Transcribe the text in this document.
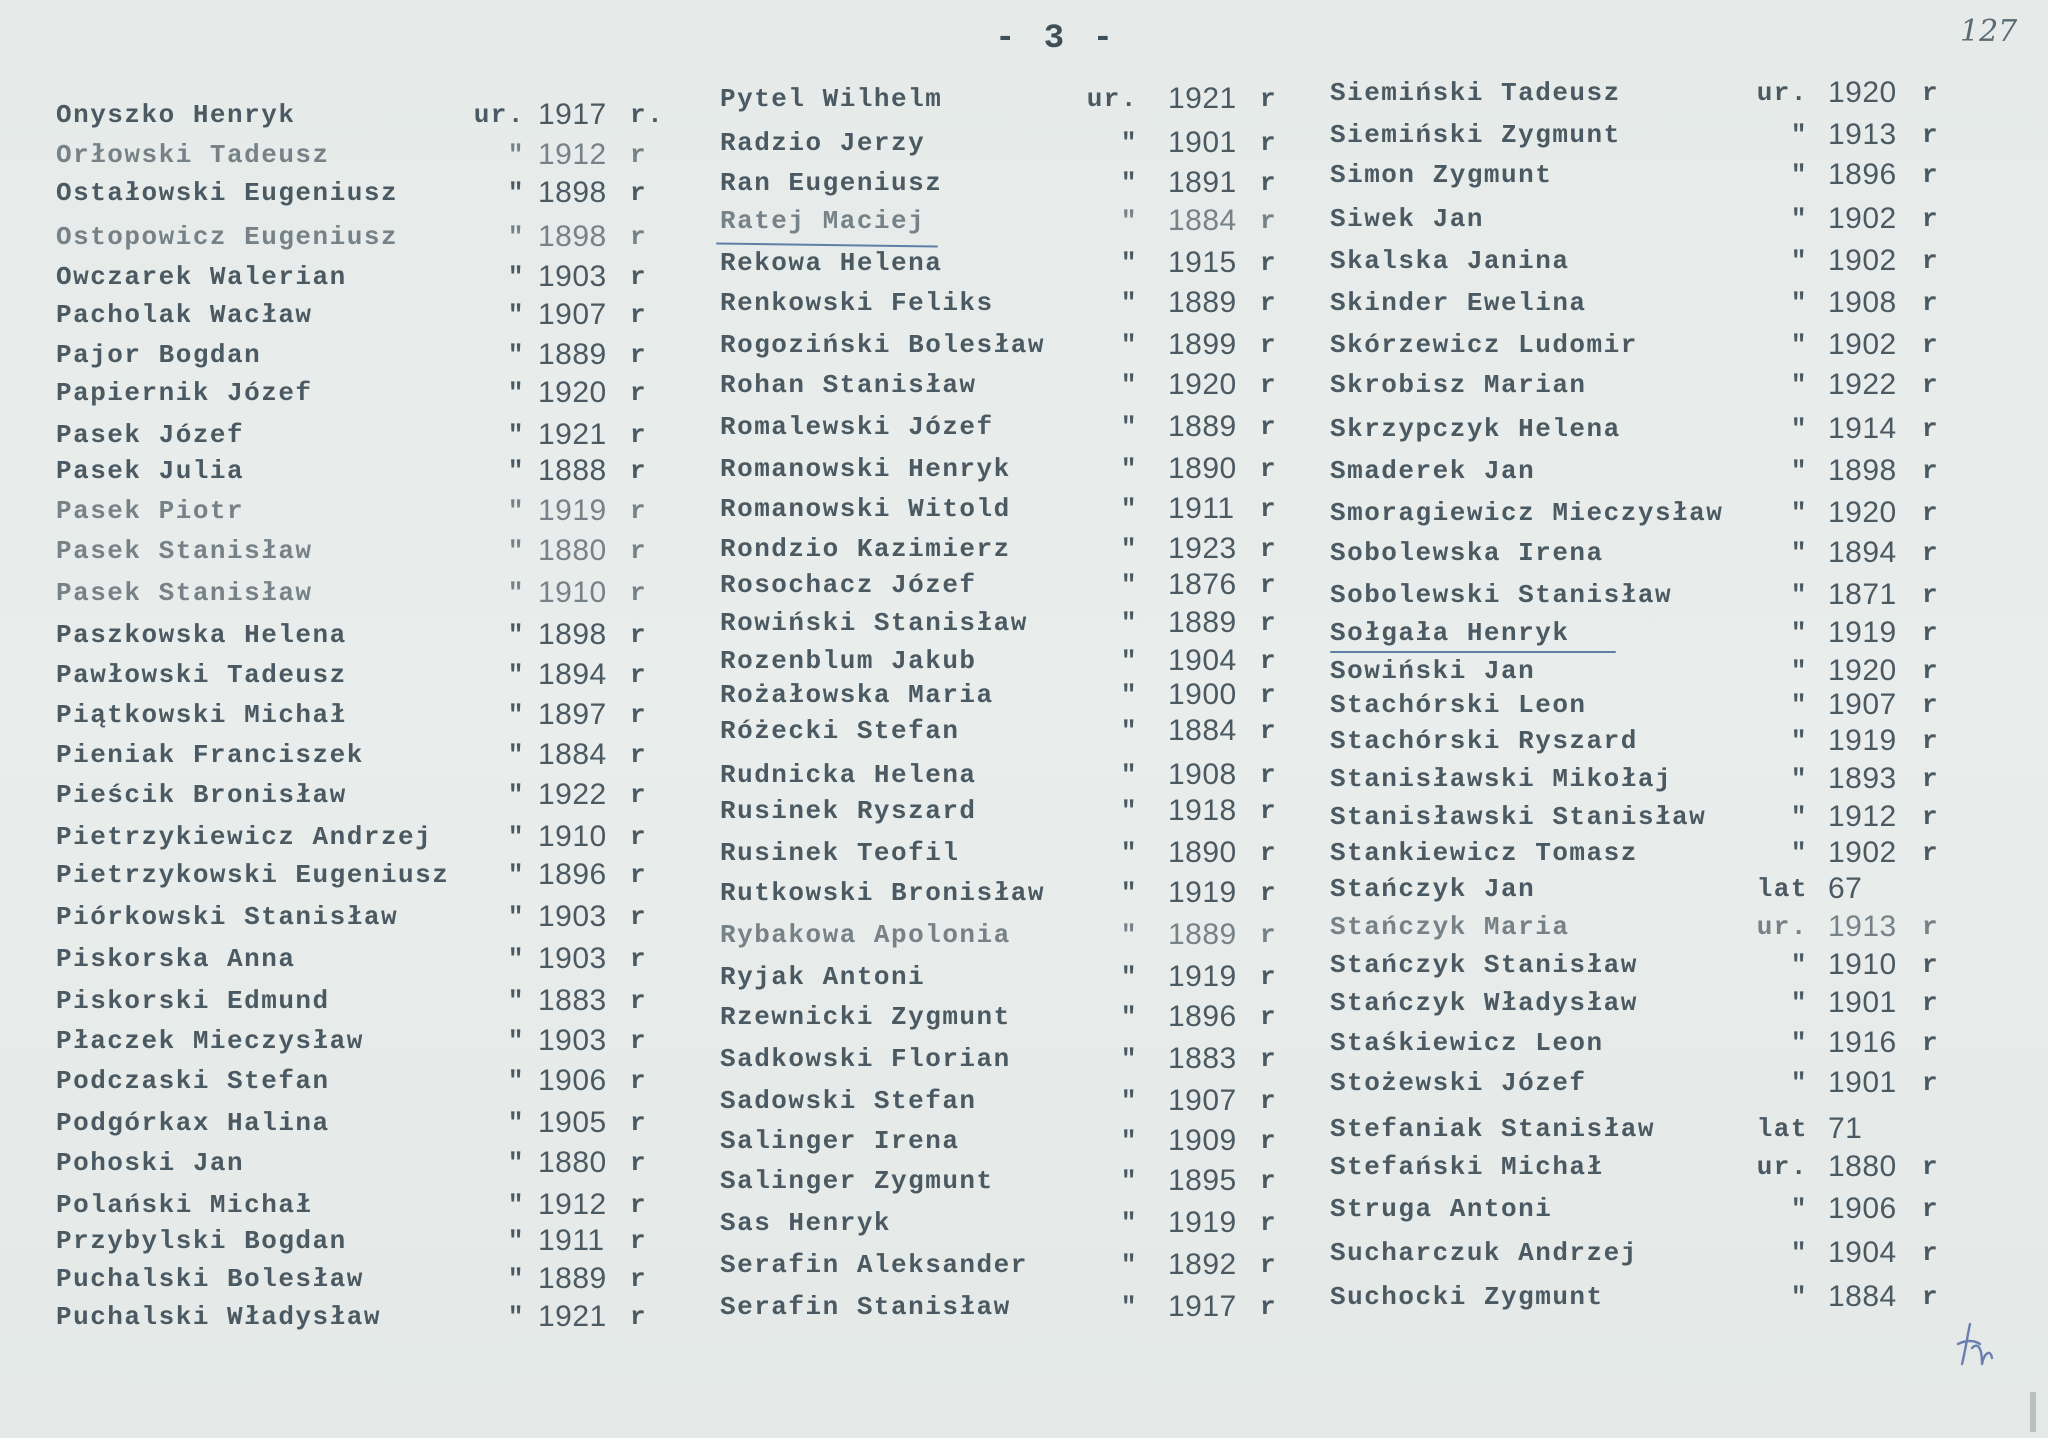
- 3 -	127
Onyszko Henryk	ur. 1917 r.
Orłowski Tadeusz	" 1912 r
Ostałowski Eugeniusz	" 1898 r
Ostopowicz Eugeniusz	" 1898 r
Owczarek Walerian	" 1903 r
Pacholak Wacław	" 1907 r
Pajor Bogdan	" 1889 r
Papiernik Józef	" 1920 r
Pasek Józef	" 1921 r
Pasek Julia	" 1888 r
Pasek Piotr	" 1919 r
Pasek Stanisław	" 1880 r
Pasek Stanisław	" 1910 r
Paszkowska Helena	" 1898 r
Pawłowski Tadeusz	" 1894 r
Piątkowski Michał	" 1897 r
Pieniak Franciszek	" 1884 r
Pieścik Bronisław	" 1922 r
Pietrzykiewicz Andrzej	" 1910 r
Pietrzykowski Eugeniusz	" 1896 r
Piórkowski Stanisław	" 1903 r
Piskorska Anna	" 1903 r
Piskorski Edmund	" 1883 r
Płaczek Mieczysław	" 1903 r
Podczaski Stefan	" 1906 r
Podgórkax Halina	" 1905 r
Pohoski Jan	" 1880 r
Polański Michał	" 1912 r
Przybylski Bogdan	" 1911 r
Puchalski Bolesław	" 1889 r
Puchalski Władysław	" 1921 r
Pytel Wilhelm	ur. 1921 r
Radzio Jerzy	" 1901 r
Ran Eugeniusz	" 1891 r
Ratej Maciej	" 1884 r
Rekowa Helena	" 1915 r
Renkowski Feliks	" 1889 r
Rogoziński Bolesław	" 1899 r
Rohan Stanisław	" 1920 r
Romalewski Józef	" 1889 r
Romanowski Henryk	" 1890 r
Romanowski Witold	" 1911 r
Rondzio Kazimierz	" 1923 r
Rosochacz Józef	" 1876 r
Rowiński Stanisław	" 1889 r
Rozenblum Jakub	" 1904 r
Rożałowska Maria	" 1900 r
Różecki Stefan	" 1884 r
Rudnicka Helena	" 1908 r
Rusinek Ryszard	" 1918 r
Rusinek Teofil	" 1890 r
Rutkowski Bronisław	" 1919 r
Rybakowa Apolonia	" 1889 r
Ryjak Antoni	" 1919 r
Rzewnicki Zygmunt	" 1896 r
Sadkowski Florian	" 1883 r
Sadowski Stefan	" 1907 r
Salinger Irena	" 1909 r
Salinger Zygmunt	" 1895 r
Sas Henryk	" 1919 r
Serafin Aleksander	" 1892 r
Serafin Stanisław	" 1917 r
Siemiński Tadeusz	ur. 1920 r
Siemiński Zygmunt	" 1913 r
Simon Zygmunt	" 1896 r
Siwek Jan	" 1902 r
Skalska Janina	" 1902 r
Skinder Ewelina	" 1908 r
Skórzewicz Ludomir	" 1902 r
Skrobisz Marian	" 1922 r
Skrzypczyk Helena	" 1914 r
Smaderek Jan	" 1898 r
Smoragiewicz Mieczysław	" 1920 r
Sobolewska Irena	" 1894 r
Sobolewski Stanisław	" 1871 r
Sołgała Henryk	" 1919 r
Sowiński Jan	" 1920 r
Stachórski Leon	" 1907 r
Stachórski Ryszard	" 1919 r
Stanisławski Mikołaj	" 1893 r
Stanisławski Stanisław	" 1912 r
Stankiewicz Tomasz	" 1902 r
Stańczyk Jan	lat 67
Stańczyk Maria	ur. 1913 r
Stańczyk Stanisław	" 1910 r
Stańczyk Władysław	" 1901 r
Staśkiewicz Leon	" 1916 r
Stożewski Józef	" 1901 r
Stefaniak Stanisław	lat 71
Stefański Michał	ur. 1880 r
Struga Antoni	" 1906 r
Sucharczuk Andrzej	" 1904 r
Suchocki Zygmunt	" 1884 r
